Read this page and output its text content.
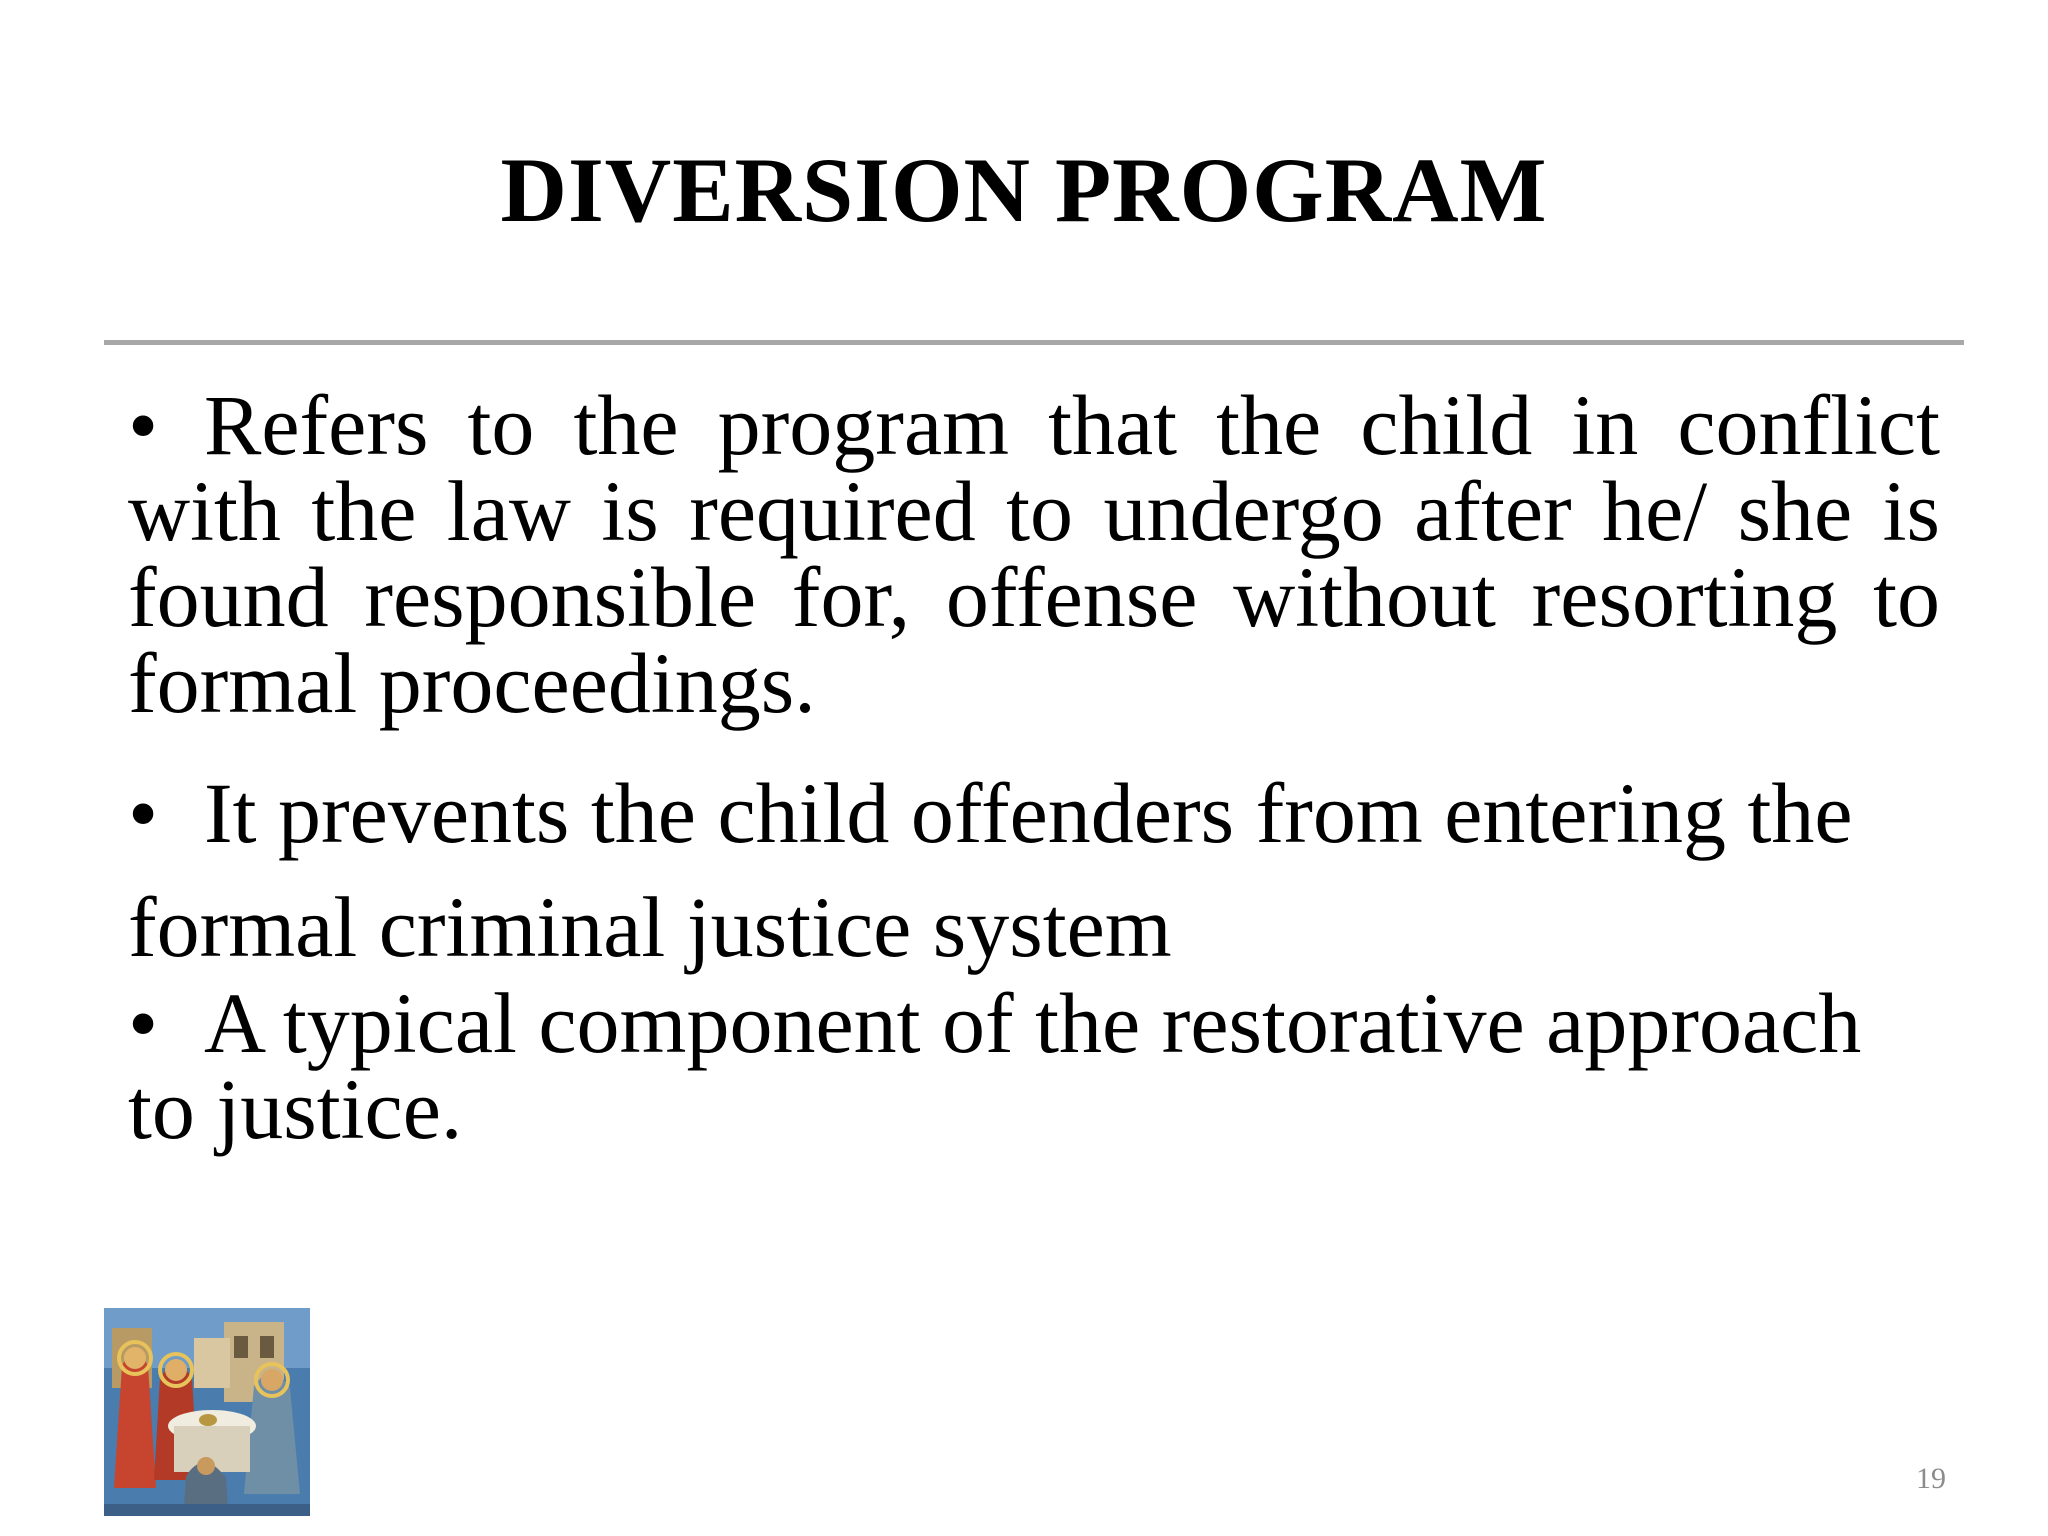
DIVERSION PROGRAM
• Refers to the program that the child in conflict with the law is required to undergo after he/ she is found responsible for, offense without resorting to formal proceedings.
• It prevents the child offenders from entering the formal criminal justice system
• A typical component of the restorative approach to justice.
19
